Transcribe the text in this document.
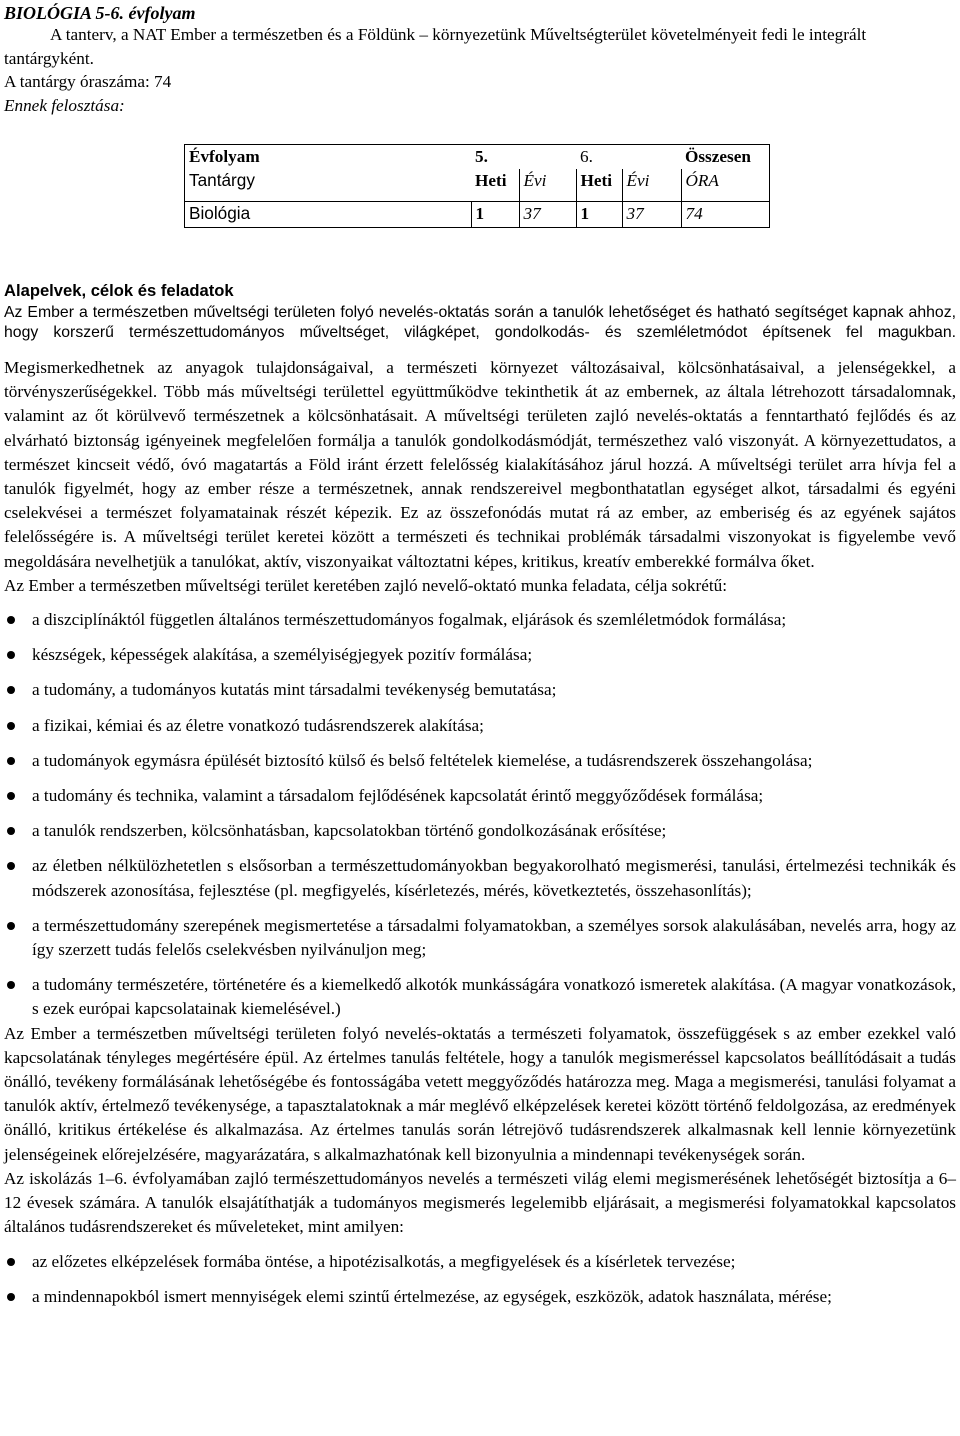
BIOLÓGIA 5-6. évfolyam

A tanterv, a NAT Ember a természetben és a Földünk – környezetünk Műveltségterület követelményeit fedi le integrált tantárgyként.

A tantárgy óraszáma: 74

Ennek felosztása:

Évfolyam	5.		6.		Összesen
Tantárgy	Heti	Évi	Heti	Évi	ÓRA
Biológia	1	37	1	37	74
Alapelvek, célok és feladatok
Az Ember a természetben műveltségi területen folyó nevelés-oktatás során a tanulók lehetőséget és hatható segítséget kapnak ahhoz, hogy korszerű természettudományos műveltséget, világképet, gondolkodás- és szemléletmódot építsenek fel magukban.

Megismerkedhetnek az anyagok tulajdonságaival, a természeti környezet változásaival, kölcsönhatásaival, a jelenségekkel, a törvényszerűségekkel. Több más műveltségi területtel együttműködve tekinthetik át az embernek, az általa létrehozott társadalomnak, valamint az őt körülvevő természetnek a kölcsönhatásait. A műveltségi területen zajló nevelés-oktatás a fenntartható fejlődés és az elvárható biztonság igényeinek megfelelően formálja a tanulók gondolkodásmódját, természethez való viszonyát. A környezettudatos, a természet kincseit védő, óvó magatartás a Föld iránt érzett felelősség kialakításához járul hozzá. A műveltségi terület arra hívja fel a tanulók figyelmét, hogy az ember része a természetnek, annak rendszereivel megbonthatatlan egységet alkot, társadalmi és egyéni cselekvései a természet folyamatainak részét képezik. Ez az összefonódás mutat rá az ember, az emberiség és az egyének sajátos felelősségére is. A műveltségi terület keretei között a természeti és technikai problémák társadalmi viszonyokat is figyelembe vevő megoldására nevelhetjük a tanulókat, aktív, viszonyaikat változtatni képes, kritikus, kreatív emberekké formálva őket.

Az Ember a természetben műveltségi terület keretében zajló nevelő-oktató munka feladata, célja sokrétű:

a diszciplínáktól független általános természettudományos fogalmak, eljárások és szemléletmódok formálása;
készségek, képességek alakítása, a személyiségjegyek pozitív formálása;
a tudomány, a tudományos kutatás mint társadalmi tevékenység bemutatása;
a fizikai, kémiai és az életre vonatkozó tudásrendszerek alakítása;
a tudományok egymásra épülését biztosító külső és belső feltételek kiemelése, a tudásrendszerek összehangolása;
a tudomány és technika, valamint a társadalom fejlődésének kapcsolatát érintő meggyőződések formálása;
a tanulók rendszerben, kölcsönhatásban, kapcsolatokban történő gondolkozásának erősítése;
az életben nélkülözhetetlen s elsősorban a természettudományokban begyakorolható megismerési, tanulási, értelmezési technikák és módszerek azonosítása, fejlesztése (pl. megfigyelés, kísérletezés, mérés, következtetés, összehasonlítás);
a természettudomány szerepének megismertetése a társadalmi folyamatokban, a személyes sorsok alakulásában, nevelés arra, hogy az így szerzett tudás felelős cselekvésben nyilvánuljon meg;
a tudomány természetére, történetére és a kiemelkedő alkotók munkásságára vonatkozó ismeretek alakítása. (A magyar vonatkozások, s ezek európai kapcsolatainak kiemelésével.)

Az Ember a természetben műveltségi területen folyó nevelés-oktatás a természeti folyamatok, összefüggések s az ember ezekkel való kapcsolatának tényleges megértésére épül. Az értelmes tanulás feltétele, hogy a tanulók megismeréssel kapcsolatos beállítódásait a tudás önálló, tevékeny formálásának lehetőségébe és fontosságába vetett meggyőződés határozza meg. Maga a megismerési, tanulási folyamat a tanulók aktív, értelmező tevékenysége, a tapasztalatoknak a már meglévő elképzelések keretei között történő feldolgozása, az eredmények önálló, kritikus értékelése és alkalmazása. Az értelmes tanulás során létrejövő tudásrendszerek alkalmasnak kell lennie környezetünk jelenségeinek előrejelzésére, magyarázatára, s alkalmazhatónak kell bizonyulnia a mindennapi tevékenységek során.

Az iskolázás 1–6. évfolyamában zajló természettudományos nevelés a természeti világ elemi megismerésének lehetőségét biztosítja a 6–12 évesek számára. A tanulók elsajátíthatják a tudományos megismerés legelemibb eljárásait, a megismerési folyamatokkal kapcsolatos általános tudásrendszereket és műveleteket, mint amilyen:

az előzetes elképzelések formába öntése, a hipotézisalkotás, a megfigyelések és a kísérletek tervezése;
a mindennapokból ismert mennyiségek elemi szintű értelmezése, az egységek, eszközök, adatok használata, mérése;
